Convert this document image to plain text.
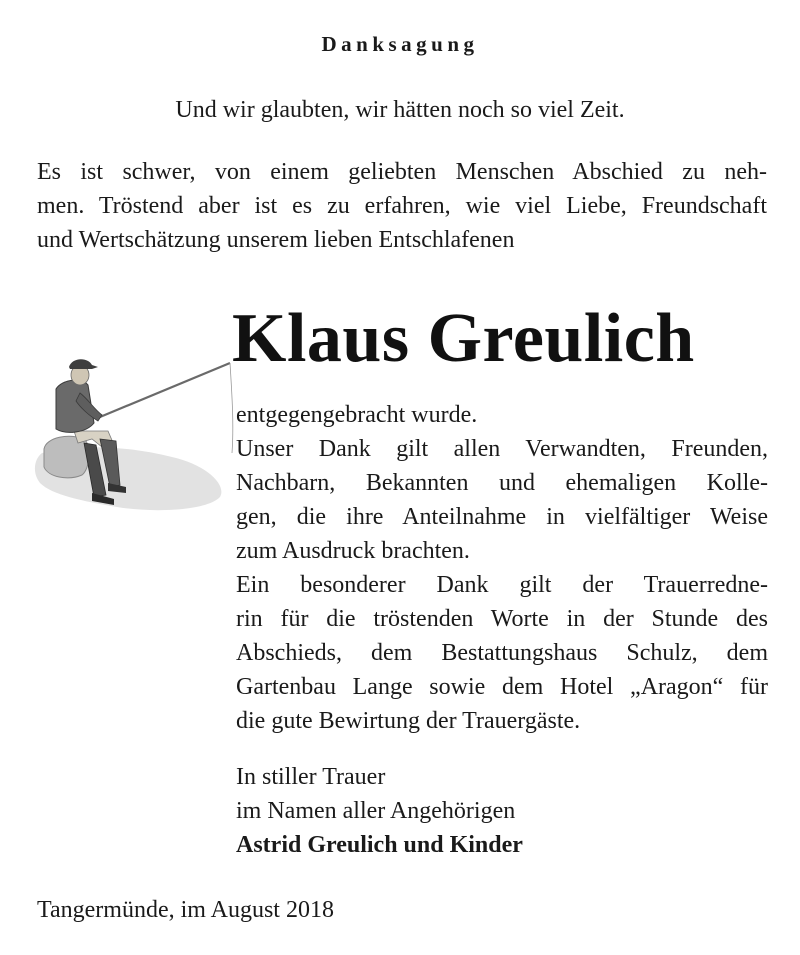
Danksagung
Und wir glaubten, wir hätten noch so viel Zeit.
Es ist schwer, von einem geliebten Menschen Abschied zu neh-
men. Tröstend aber ist es zu erfahren, wie viel Liebe, Freundschaft
und Wertschätzung unserem lieben Entschlafenen
Klaus Greulich
entgegengebracht wurde.
Unser Dank gilt allen Verwandten, Freunden,
Nachbarn, Bekannten und ehemaligen Kolle-
gen, die ihre Anteilnahme in vielfältiger Weise
zum Ausdruck brachten.
Ein besonderer Dank gilt der Trauerredne-
rin für die tröstenden Worte in der Stunde des
Abschieds, dem Bestattungshaus Schulz, dem
Gartenbau Lange sowie dem Hotel „Aragon“ für
die gute Bewirtung der Trauergäste.
In stiller Trauer
im Namen aller Angehörigen
Astrid Greulich und Kinder
Tangermünde, im August 2018
